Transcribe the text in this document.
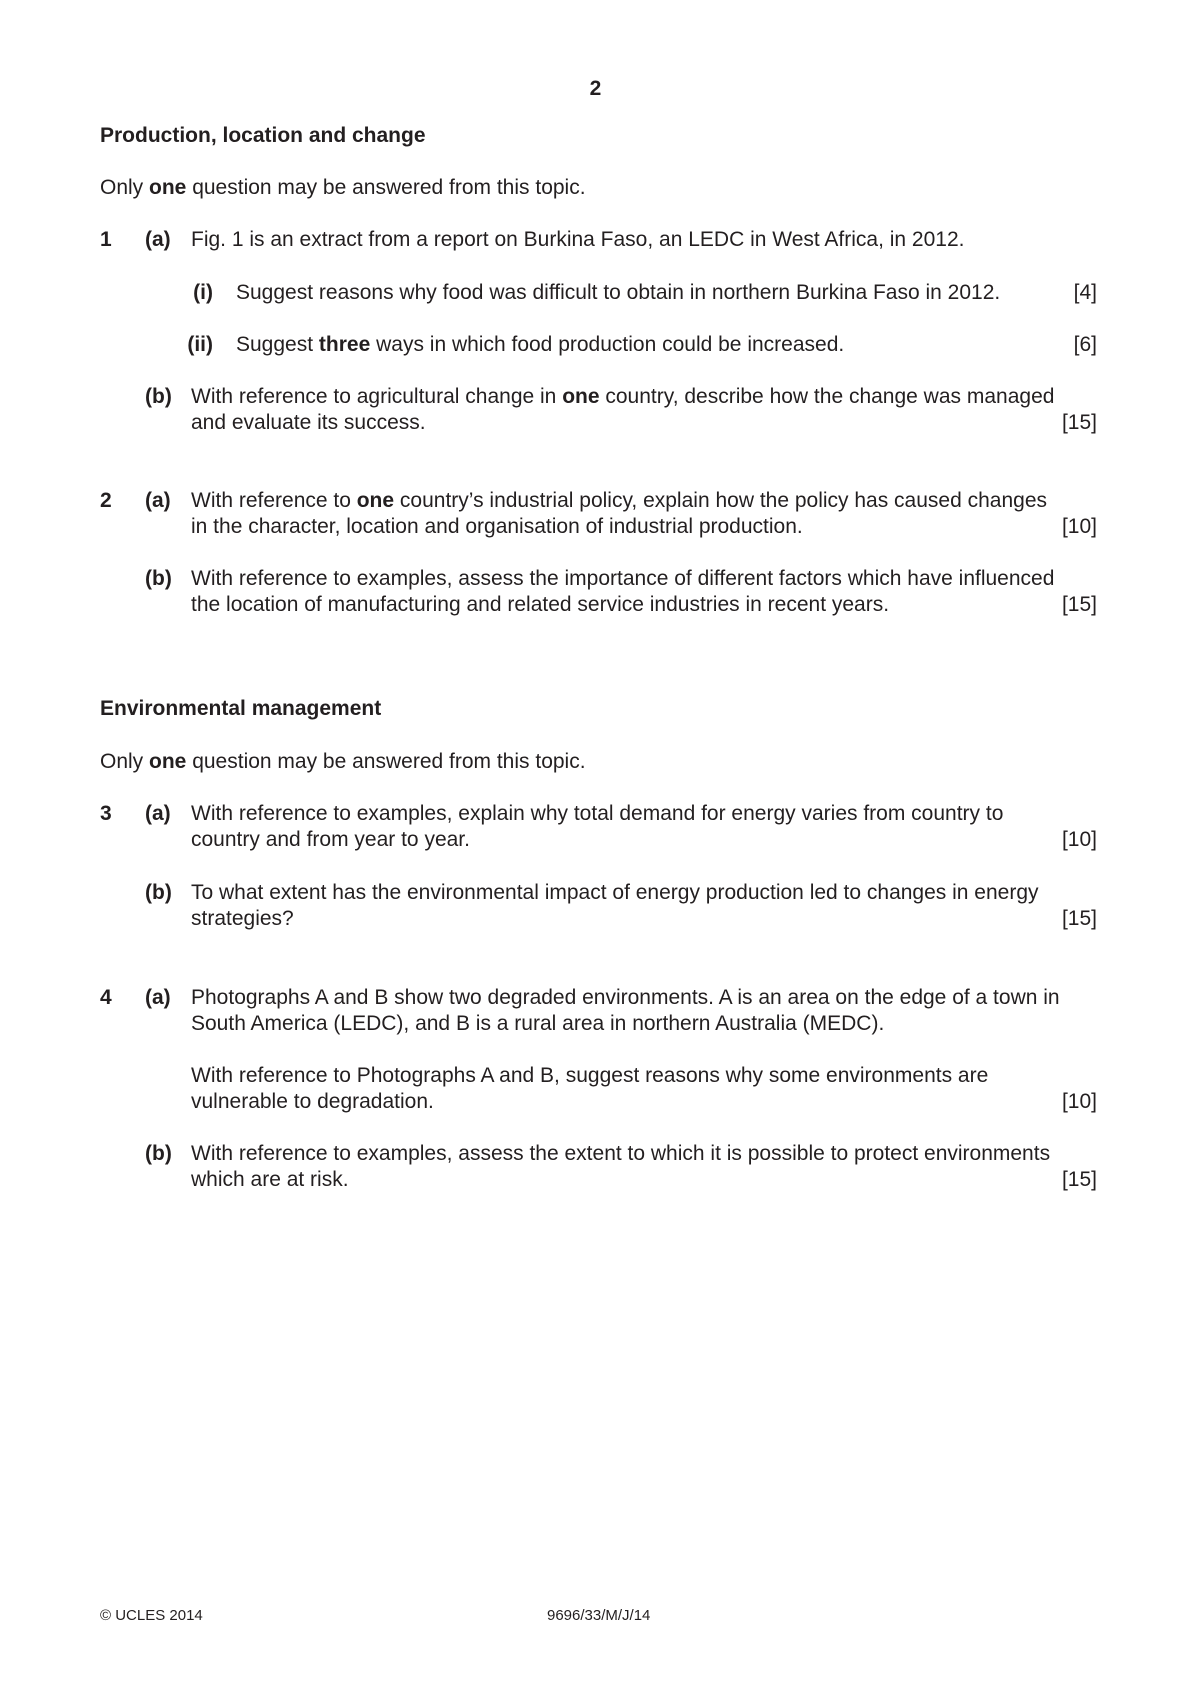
2
Production, location and change
Only one question may be answered from this topic.
1 (a) Fig. 1 is an extract from a report on Burkina Faso, an LEDC in West Africa, in 2012.
(i) Suggest reasons why food was difficult to obtain in northern Burkina Faso in 2012.	[4]
(ii) Suggest three ways in which food production could be increased.	[6]
(b) With reference to agricultural change in one country, describe how the change was managed
and evaluate its success.	[15]
2 (a) With reference to one country’s industrial policy, explain how the policy has caused changes
in the character, location and organisation of industrial production.	[10]
(b) With reference to examples, assess the importance of different factors which have influenced
the location of manufacturing and related service industries in recent years.	[15]
Environmental management
Only one question may be answered from this topic.
3 (a) With reference to examples, explain why total demand for energy varies from country to
country and from year to year.	[10]
(b) To what extent has the environmental impact of energy production led to changes in energy
strategies?	[15]
4 (a) Photographs A and B show two degraded environments. A is an area on the edge of a town in
South America (LEDC), and B is a rural area in northern Australia (MEDC).
With reference to Photographs A and B, suggest reasons why some environments are
vulnerable to degradation.	[10]
(b) With reference to examples, assess the extent to which it is possible to protect environments
which are at risk.	[15]
© UCLES 2014	9696/33/M/J/14
